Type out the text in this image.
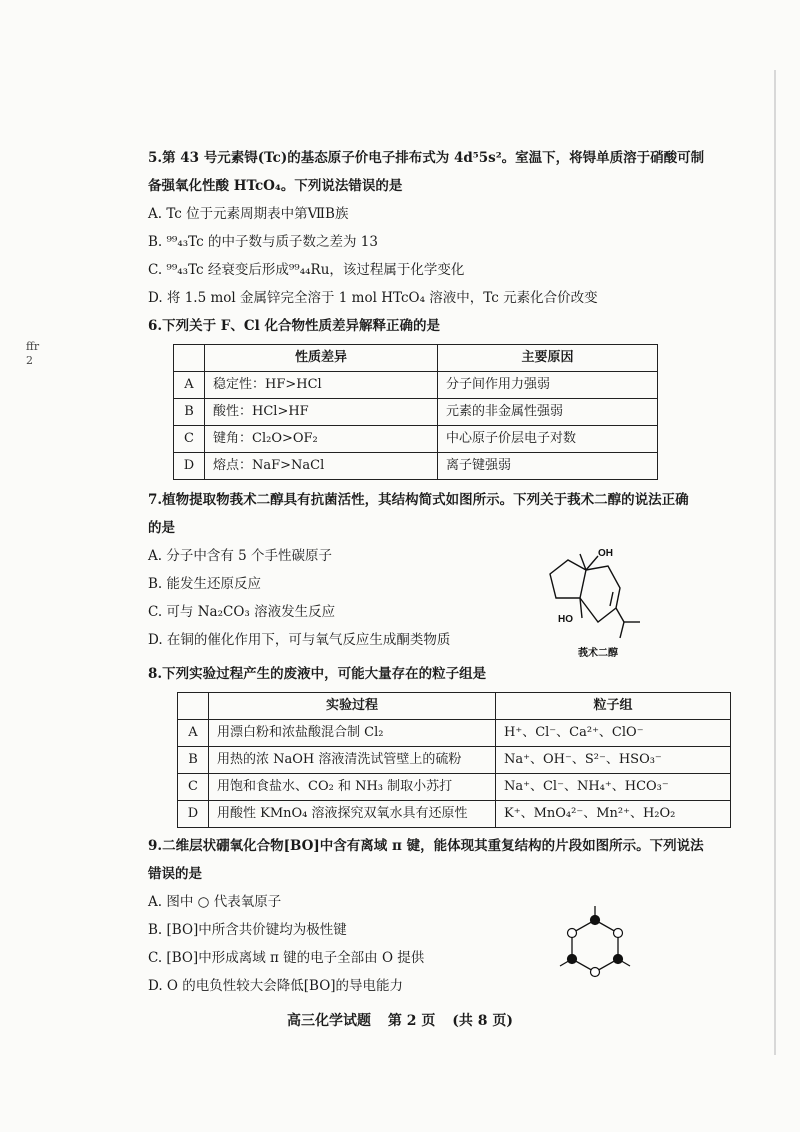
ffr 2
5.第 43 号元素锝(Tc)的基态原子价电子排布式为 4d⁵5s²。室温下，将锝单质溶于硝酸可制
备强氧化性酸 HTcO₄。下列说法错误的是
A. Tc 位于元素周期表中第ⅦB族
B. ⁹⁹₄₃Tc 的中子数与质子数之差为 13
C. ⁹⁹₄₃Tc 经衰变后形成⁹⁹₄₄Ru，该过程属于化学变化
D. 将 1.5 mol 金属锌完全溶于 1 mol HTcO₄ 溶液中，Tc 元素化合价改变
6.下列关于 F、Cl 化合物性质差异解释正确的是
	性质差异	主要原因
A	稳定性：HF>HCl	分子间作用力强弱
B	酸性：HCl>HF	元素的非金属性强弱
C	键角：Cl₂O>OF₂	中心原子价层电子对数
D	熔点：NaF>NaCl	离子键强弱
7.植物提取物莪术二醇具有抗菌活性，其结构简式如图所示。下列关于莪术二醇的说法正确
的是
A. 分子中含有 5 个手性碳原子
B. 能发生还原反应
C. 可与 Na₂CO₃ 溶液发生反应
D. 在铜的催化作用下，可与氧气反应生成酮类物质
OH
HO
莪术二醇
8.下列实验过程产生的废液中，可能大量存在的粒子组是
	实验过程	粒子组
A	用漂白粉和浓盐酸混合制 Cl₂	H⁺、Cl⁻、Ca²⁺、ClO⁻
B	用热的浓 NaOH 溶液清洗试管壁上的硫粉	Na⁺、OH⁻、S²⁻、HSO₃⁻
C	用饱和食盐水、CO₂ 和 NH₃ 制取小苏打	Na⁺、Cl⁻、NH₄⁺、HCO₃⁻
D	用酸性 KMnO₄ 溶液探究双氧水具有还原性	K⁺、MnO₄²⁻、Mn²⁺、H₂O₂
9.二维层状硼氧化合物[BO]中含有离域 π 键，能体现其重复结构的片段如图所示。下列说法
错误的是
A. 图中 ○ 代表氧原子
B. [BO]中所含共价键均为极性键
C. [BO]中形成离域 π 键的电子全部由 O 提供
D. O 的电负性较大会降低[BO]的导电能力
高三化学试题 第 2 页 (共 8 页)
